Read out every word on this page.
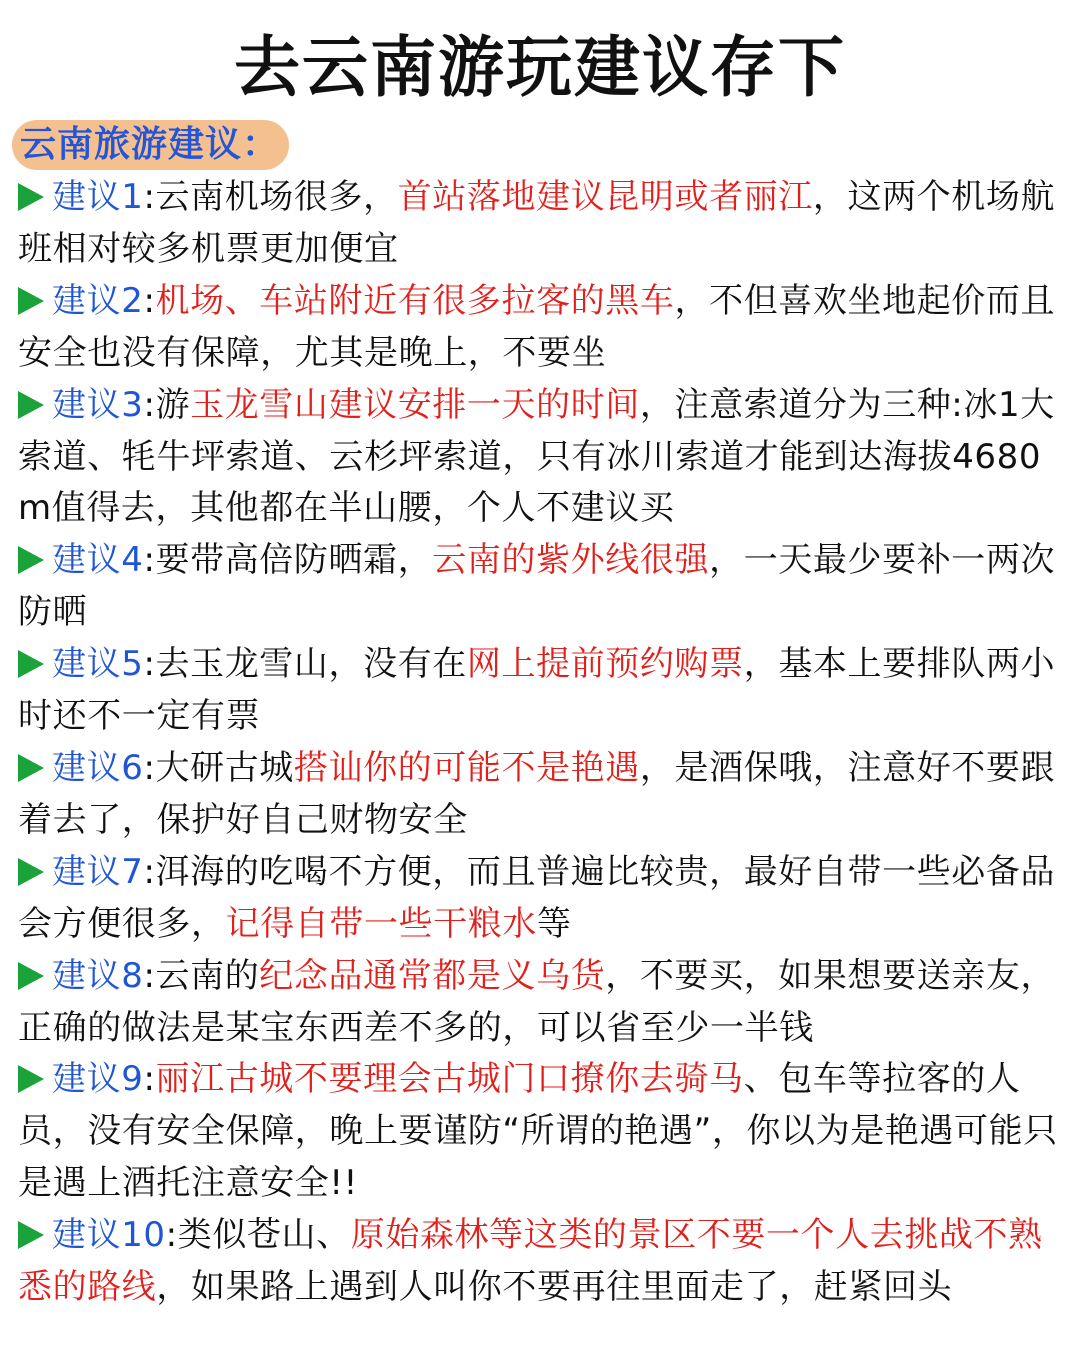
去云南游玩建议存下
云南旅游建议：
建议1:云南机场很多，首站落地建议昆明或者丽江，这两个机场航班相对较多机票更加便宜
建议2:机场、车站附近有很多拉客的黑车，不但喜欢坐地起价而且安全也没有保障，尤其是晚上，不要坐
建议3:游玉龙雪山建议安排一天的时间，注意索道分为三种:冰1大索道、牦牛坪索道、云杉坪索道，只有冰川索道才能到达海拔4680m值得去，其他都在半山腰，个人不建议买
建议4:要带高倍防晒霜，云南的紫外线很强，一天最少要补一两次防晒
建议5:去玉龙雪山，没有在网上提前预约购票，基本上要排队两小时还不一定有票
建议6:大研古城搭讪你的可能不是艳遇，是酒保哦，注意好不要跟着去了，保护好自己财物安全
建议7:洱海的吃喝不方便，而且普遍比较贵，最好自带一些必备品会方便很多，记得自带一些干粮水等
建议8:云南的纪念品通常都是义乌货，不要买，如果想要送亲友，正确的做法是某宝东西差不多的，可以省至少一半钱
建议9:丽江古城不要理会古城门口撩你去骑马、包车等拉客的人员，没有安全保障，晚上要谨防“所谓的艳遇”，你以为是艳遇可能只是遇上酒托注意安全!!
建议10:类似苍山、原始森林等这类的景区不要一个人去挑战不熟悉的路线，如果路上遇到人叫你不要再往里面走了，赶紧回头
